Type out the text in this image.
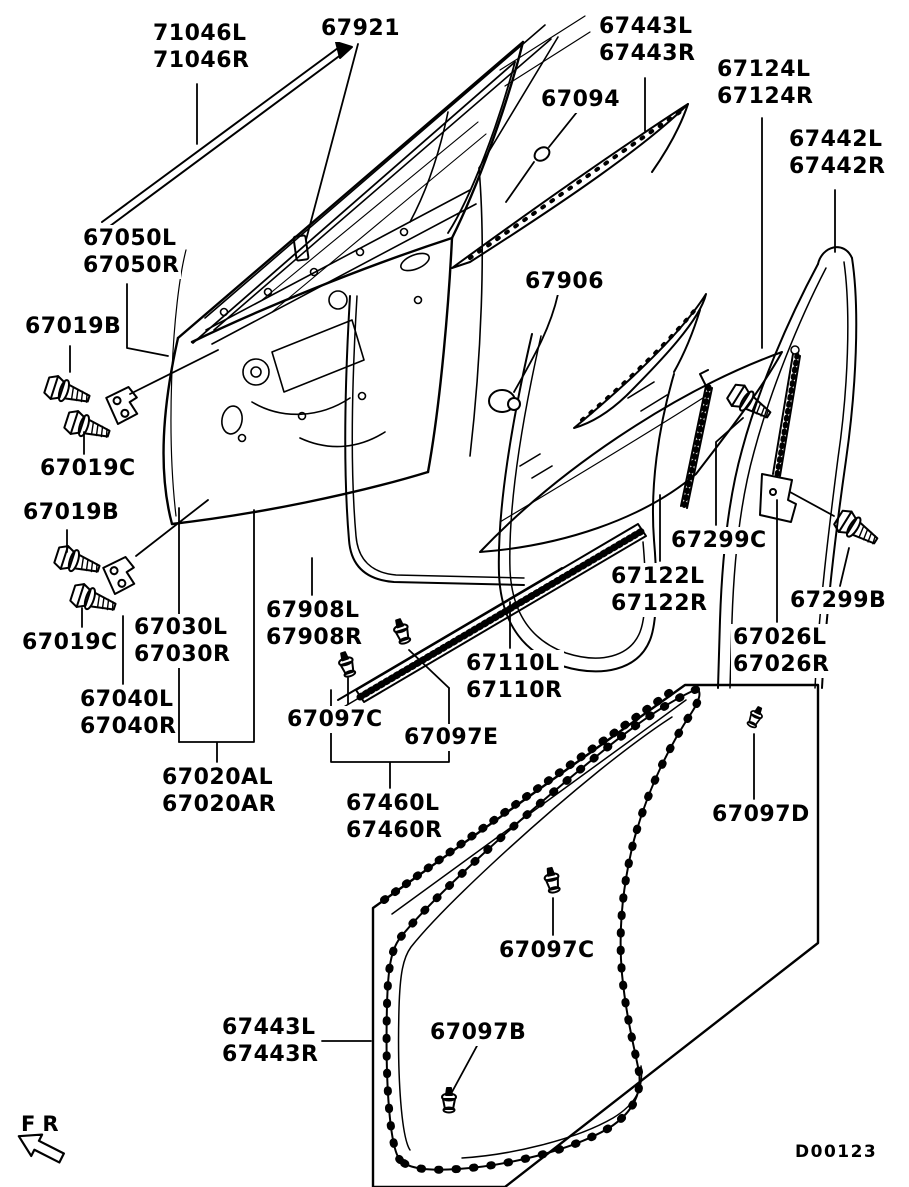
71046L
71046R
67921	67443L
67443R
67094
67124L
67124R
67442L
67442R
67050L
67050R
67906
67019B
67019C
67019B
67019C
67030L
67030R
67040L
67040R
67020AL
67020AR
67908L
67908R
67097C
67097E
67460L
67460R
67110L
67110R
67122L
67122R
67299C
67299B
67026L
67026R
67097D
67097C
67443L
67443R
67097B
FR
D00123
